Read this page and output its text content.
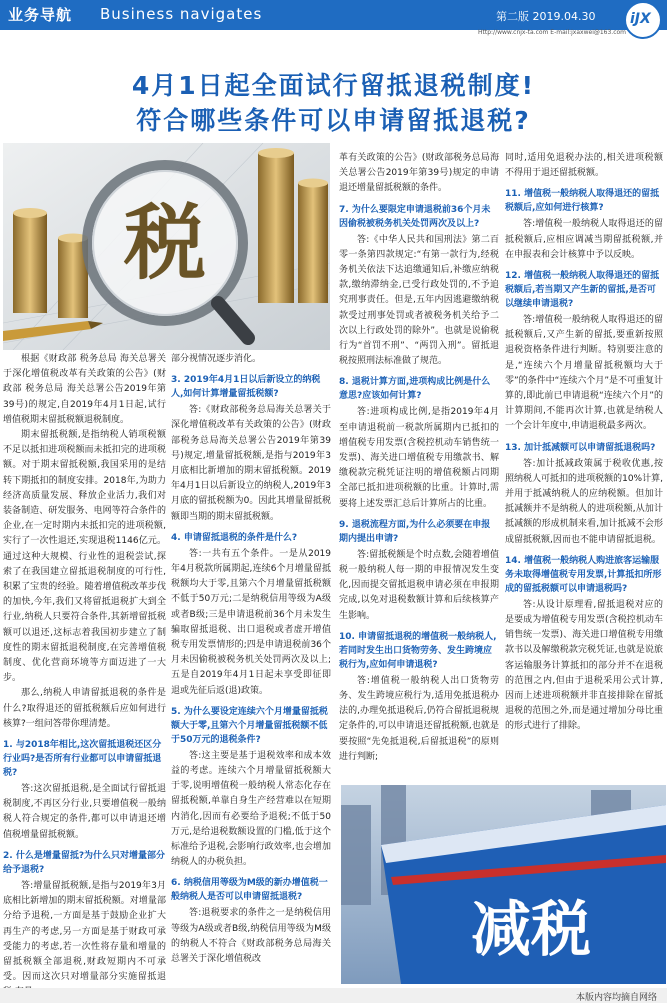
业务导航 Business navigates	第二版 2019.04.30 iJX
Http://www.cnjx-ta.com E-mail:jxaxwei@163.com
4月1日起全面试行留抵退税制度!
符合哪些条件可以申请留抵退税?
税

根据《财政部 税务总局 海关总署关于深化增值税改革有关政策的公告》(财政部 税务总局 海关总署公告2019年第39号)的规定,自2019年4月1日起,试行增值税期末留抵税额退税制度。

期末留抵税额,是指纳税人销项税额不足以抵扣进项税额而未抵扣完的进项税额。对于期末留抵税额,我国采用的是结转下期抵扣的制度安排。2018年,为助力经济高质量发展、释放企业活力,我们对装备制造、研发服务、电网等符合条件的企业,在一定时期内未抵扣完的进项税额,实行了一次性退还,实现退税1146亿元。通过这种大规模、行业性的退税尝试,探索了在我国建立留抵退税制度的可行性,积累了宝贵的经验。随着增值税改革步伐的加快,今年,我们又将留抵退税扩大到全行业,纳税人只要符合条件,其新增留抵税额可以退还,这标志着我国初步建立了制度性的期末留抵退税制度,在完善增值税制度、优化营商环境等方面迈进了一大步。

那么,纳税人申请留抵退税的条件是什么?取得退还的留抵税额后应如何进行核算?一组问答带你理清楚。

1. 与2018年相比,这次留抵退税还区分行业吗?是否所有行业都可以申请留抵退税?

答:这次留抵退税,是全面试行留抵退税制度,不再区分行业,只要增值税一般纳税人符合规定的条件,都可以申请退还增值税增量留抵税额。

2. 什么是增量留抵?为什么只对增量部分给予退税?

答:增量留抵税额,是指与2019年3月底相比新增加的期末留抵税额。对增量部分给予退税,一方面是基于鼓励企业扩大再生产的考虑,另一方面是基于财政可承受能力的考虑,若一次性将存量和增量的留抵税额全部退税,财政短期内不可承受。因而这次只对增量部分实施留抵退

部分视情况逐步消化。

3. 2019年4月1日以后新设立的纳税人,如何计算增量留抵税额?

答:《财政部税务总局海关总署关于深化增值税改革有关政策的公告》(财政部税务总局海关总署公告2019年第39号)规定,增量留抵税额,是指与2019年3月底相比新增加的期末留抵税额。2019年4月1日以后新设立的纳税人,2019年3月底的留抵税额为0。因此其增量留抵税额即当期的期末留抵税额。

4. 申请留抵退税的条件是什么?

答:一共有五个条件。一是从2019年4月税款所属期起,连续6个月增量留抵税额均大于零,且第六个月增量留抵税额不低于50万元;二是纳税信用等级为A级或者B级;三是申请退税前36个月未发生骗取留抵退税、出口退税或者虚开增值税专用发票情形的;四是申请退税前36个月未因偷税被税务机关处罚两次及以上;五是自2019年4月1日起未享受即征即退或先征后返(退)政策。

5. 为什么要设定连续六个月增量留抵税额大于零,且第六个月增量留抵税额不低于50万元的退税条件?

答:这主要是基于退税效率和成本效益的考虑。连续六个月增量留抵税额大于零,说明增值税一般纳税人常态化存在留抵税额,单靠自身生产经营难以在短期内消化,因而有必要给予退税;不低于50万元,是给退税数额设置的门槛,低于这个标准给予退税,会影响行政效率,也会增加纳税人的办税负担。

6. 纳税信用等级为M级的新办增值税一般纳税人是否可以申请留抵退税?

答:退税要求的条件之一是纳税信用等级为A级或者B级,纳税信用等级为M级的纳税人不符合《财政部税务总局海关总署关于深化增值税改

革有关政策的公告》(财政部税务总局海关总署公告2019年第39号)规定的申请退还增量留抵税额的条件。

7. 为什么要限定申请退税前36个月未因偷税被税务机关处罚两次及以上?

答:《中华人民共和国刑法》第二百零一条第四款规定:“有第一款行为,经税务机关依法下达追缴通知后,补缴应纳税款,缴纳滞纳金,已受行政处罚的,不予追究刑事责任。但是,五年内因逃避缴纳税款受过刑事处罚或者被税务机关给予二次以上行政处罚的除外”。也就是说偷税行为“首罚不刑”、“两罚入刑”。留抵退税按照刑法标准做了规范。

8. 退税计算方面,进项构成比例是什么意思?应该如何计算?

答:进项构成比例,是指2019年4月至申请退税前一税款所属期内已抵扣的增值税专用发票(含税控机动车销售统一发票)、海关进口增值税专用缴款书、解缴税款完税凭证注明的增值税额占同期全部已抵扣进项税额的比重。计算时,需要将上述发票汇总后计算所占的比重。

9. 退税流程方面,为什么必须要在申报期内提出申请?

答:留抵税额是个时点数,会随着增值税一般纳税人每一期的申报情况发生变化,因而提交留抵退税申请必须在申报期完成,以免对退税数额计算和后续核算产生影响。

10. 申请留抵退税的增值税一般纳税人,若同时发生出口货物劳务、发生跨境应税行为,应如何申请退税?

答:增值税一般纳税人出口货物劳务、发生跨境应税行为,适用免抵退税办法的,办理免抵退税后,仍符合留抵退税规定条件的,可以申请退还留抵税额,也就是要按照“先免抵退税,后留抵退税”的原则进行判断;

同时,适用免退税办法的,相关进项税额不得用于退还留抵税额。

11. 增值税一般纳税人取得退还的留抵税额后,应如何进行核算?

答:增值税一般纳税人取得退还的留抵税额后,应相应调减当期留抵税额,并在申报表和会计核算中予以反映。

12. 增值税一般纳税人取得退还的留抵税额后,若当期又产生新的留抵,是否可以继续申请退税?

答:增值税一般纳税人取得退还的留抵税额后,又产生新的留抵,要重新按照退税资格条件进行判断。特别要注意的是,“连续六个月增量留抵税额均大于零”的条件中“连续六个月”是不可重复计算的,即此前已申请退税“连续六个月”的计算期间,不能再次计算,也就是纳税人一个会计年度中,申请退税最多两次。

13. 加计抵减额可以申请留抵退税吗?

答:加计抵减政策属于税收优惠,按照纳税人可抵扣的进项税额的10%计算,并用于抵减纳税人的应纳税额。但加计抵减额并不是纳税人的进项税额,从加计抵减额的形成机制来看,加计抵减不会形成留抵税额,因而也不能申请留抵退税。

14. 增值税一般纳税人购进旅客运输服务未取得增值税专用发票,计算抵扣所形成的留抵税额可以申请退税吗?

答:从设计原理看,留抵退税对应的是要成为增值税专用发票(含税控机动车销售统一发票)、海关进口增值税专用缴款书以及解缴税款完税凭证,也就是说旅客运输服务计算抵扣的部分并不在退税的范围之内,但由于退税采用公式计算,因而上述进项税额并非直接排除在留抵退税的范围之外,而是通过增加分母比重的形式进行了排除。

减税
本版内容均摘自网络
